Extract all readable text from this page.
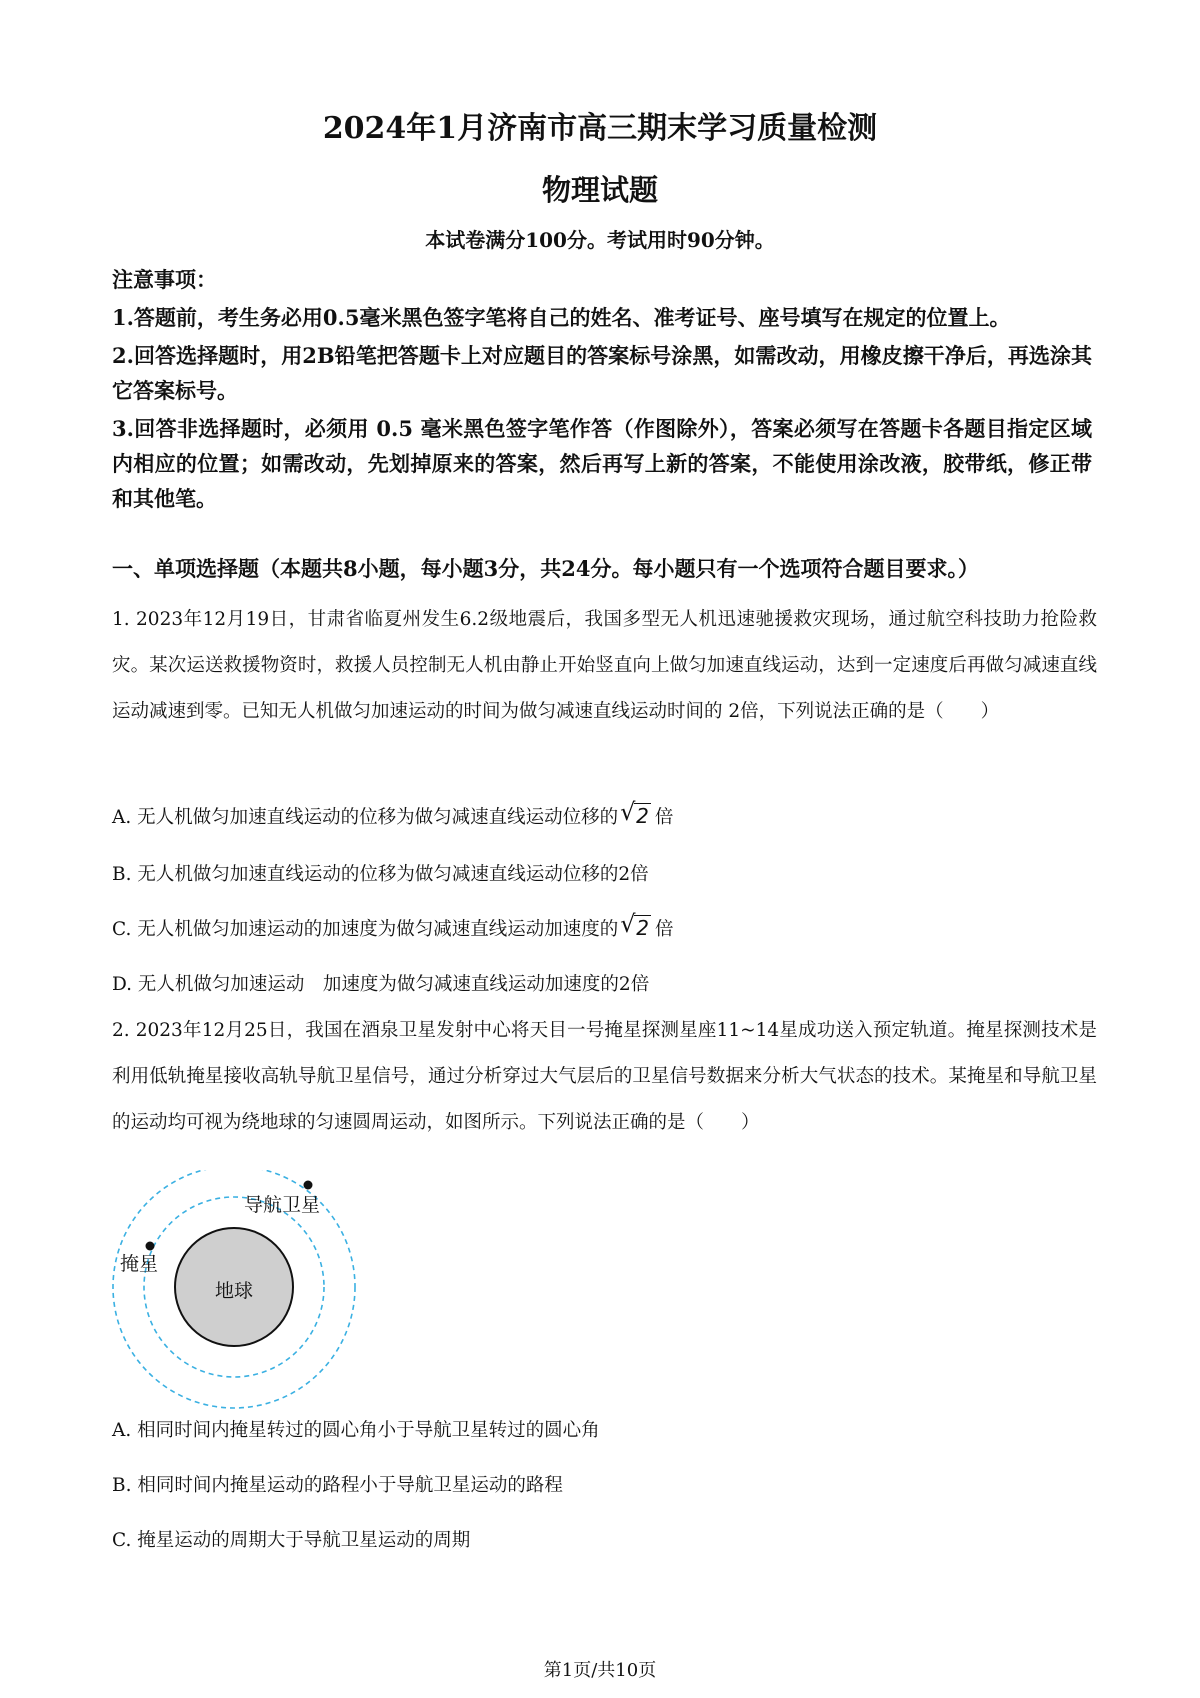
2024年1月济南市高三期末学习质量检测
物理试题
本试卷满分100分。考试用时90分钟。

注意事项：

1.答题前，考生务必用0.5毫米黑色签字笔将自己的姓名、准考证号、座号填写在规定的位置上。

2.回答选择题时，用2B铅笔把答题卡上对应题目的答案标号涂黑，如需改动，用橡皮擦干净后，再选涂其它答案标号。

3.回答非选择题时，必须用 0.5 毫米黑色签字笔作答（作图除外），答案必须写在答题卡各题目指定区域内相应的位置；如需改动，先划掉原来的答案，然后再写上新的答案，不能使用涂改液，胶带纸，修正带和其他笔。

一、单项选择题（本题共8小题，每小题3分，共24分。每小题只有一个选项符合题目要求。）
1. 2023年12月19日，甘肃省临夏州发生6.2级地震后，我国多型无人机迅速驰援救灾现场，通过航空科技助力抢险救灾。某次运送救援物资时，救援人员控制无人机由静止开始竖直向上做匀加速直线运动，达到一定速度后再做匀减速直线运动减速到零。已知无人机做匀加速运动的时间为做匀减速直线运动时间的 2倍，下列说法正确的是（　　）
A. 无人机做匀加速直线运动的位移为做匀减速直线运动位移的 √ 2 倍
B. 无人机做匀加速直线运动的位移为做匀减速直线运动位移的2倍
C. 无人机做匀加速运动的加速度为做匀减速直线运动加速度的 √ 2 倍
D. 无人机做匀加速运动　加速度为做匀减速直线运动加速度的2倍
2. 2023年12月25日，我国在酒泉卫星发射中心将天目一号掩星探测星座11~14星成功送入预定轨道。掩星探测技术是利用低轨掩星接收高轨导航卫星信号，通过分析穿过大气层后的卫星信号数据来分析大气状态的技术。某掩星和导航卫星的运动均可视为绕地球的匀速圆周运动，如图所示。下列说法正确的是（　　）
地球
掩星
导航卫星
A. 相同时间内掩星转过的圆心角小于导航卫星转过的圆心角
B. 相同时间内掩星运动的路程小于导航卫星运动的路程
C. 掩星运动的周期大于导航卫星运动的周期
第1页/共10页
